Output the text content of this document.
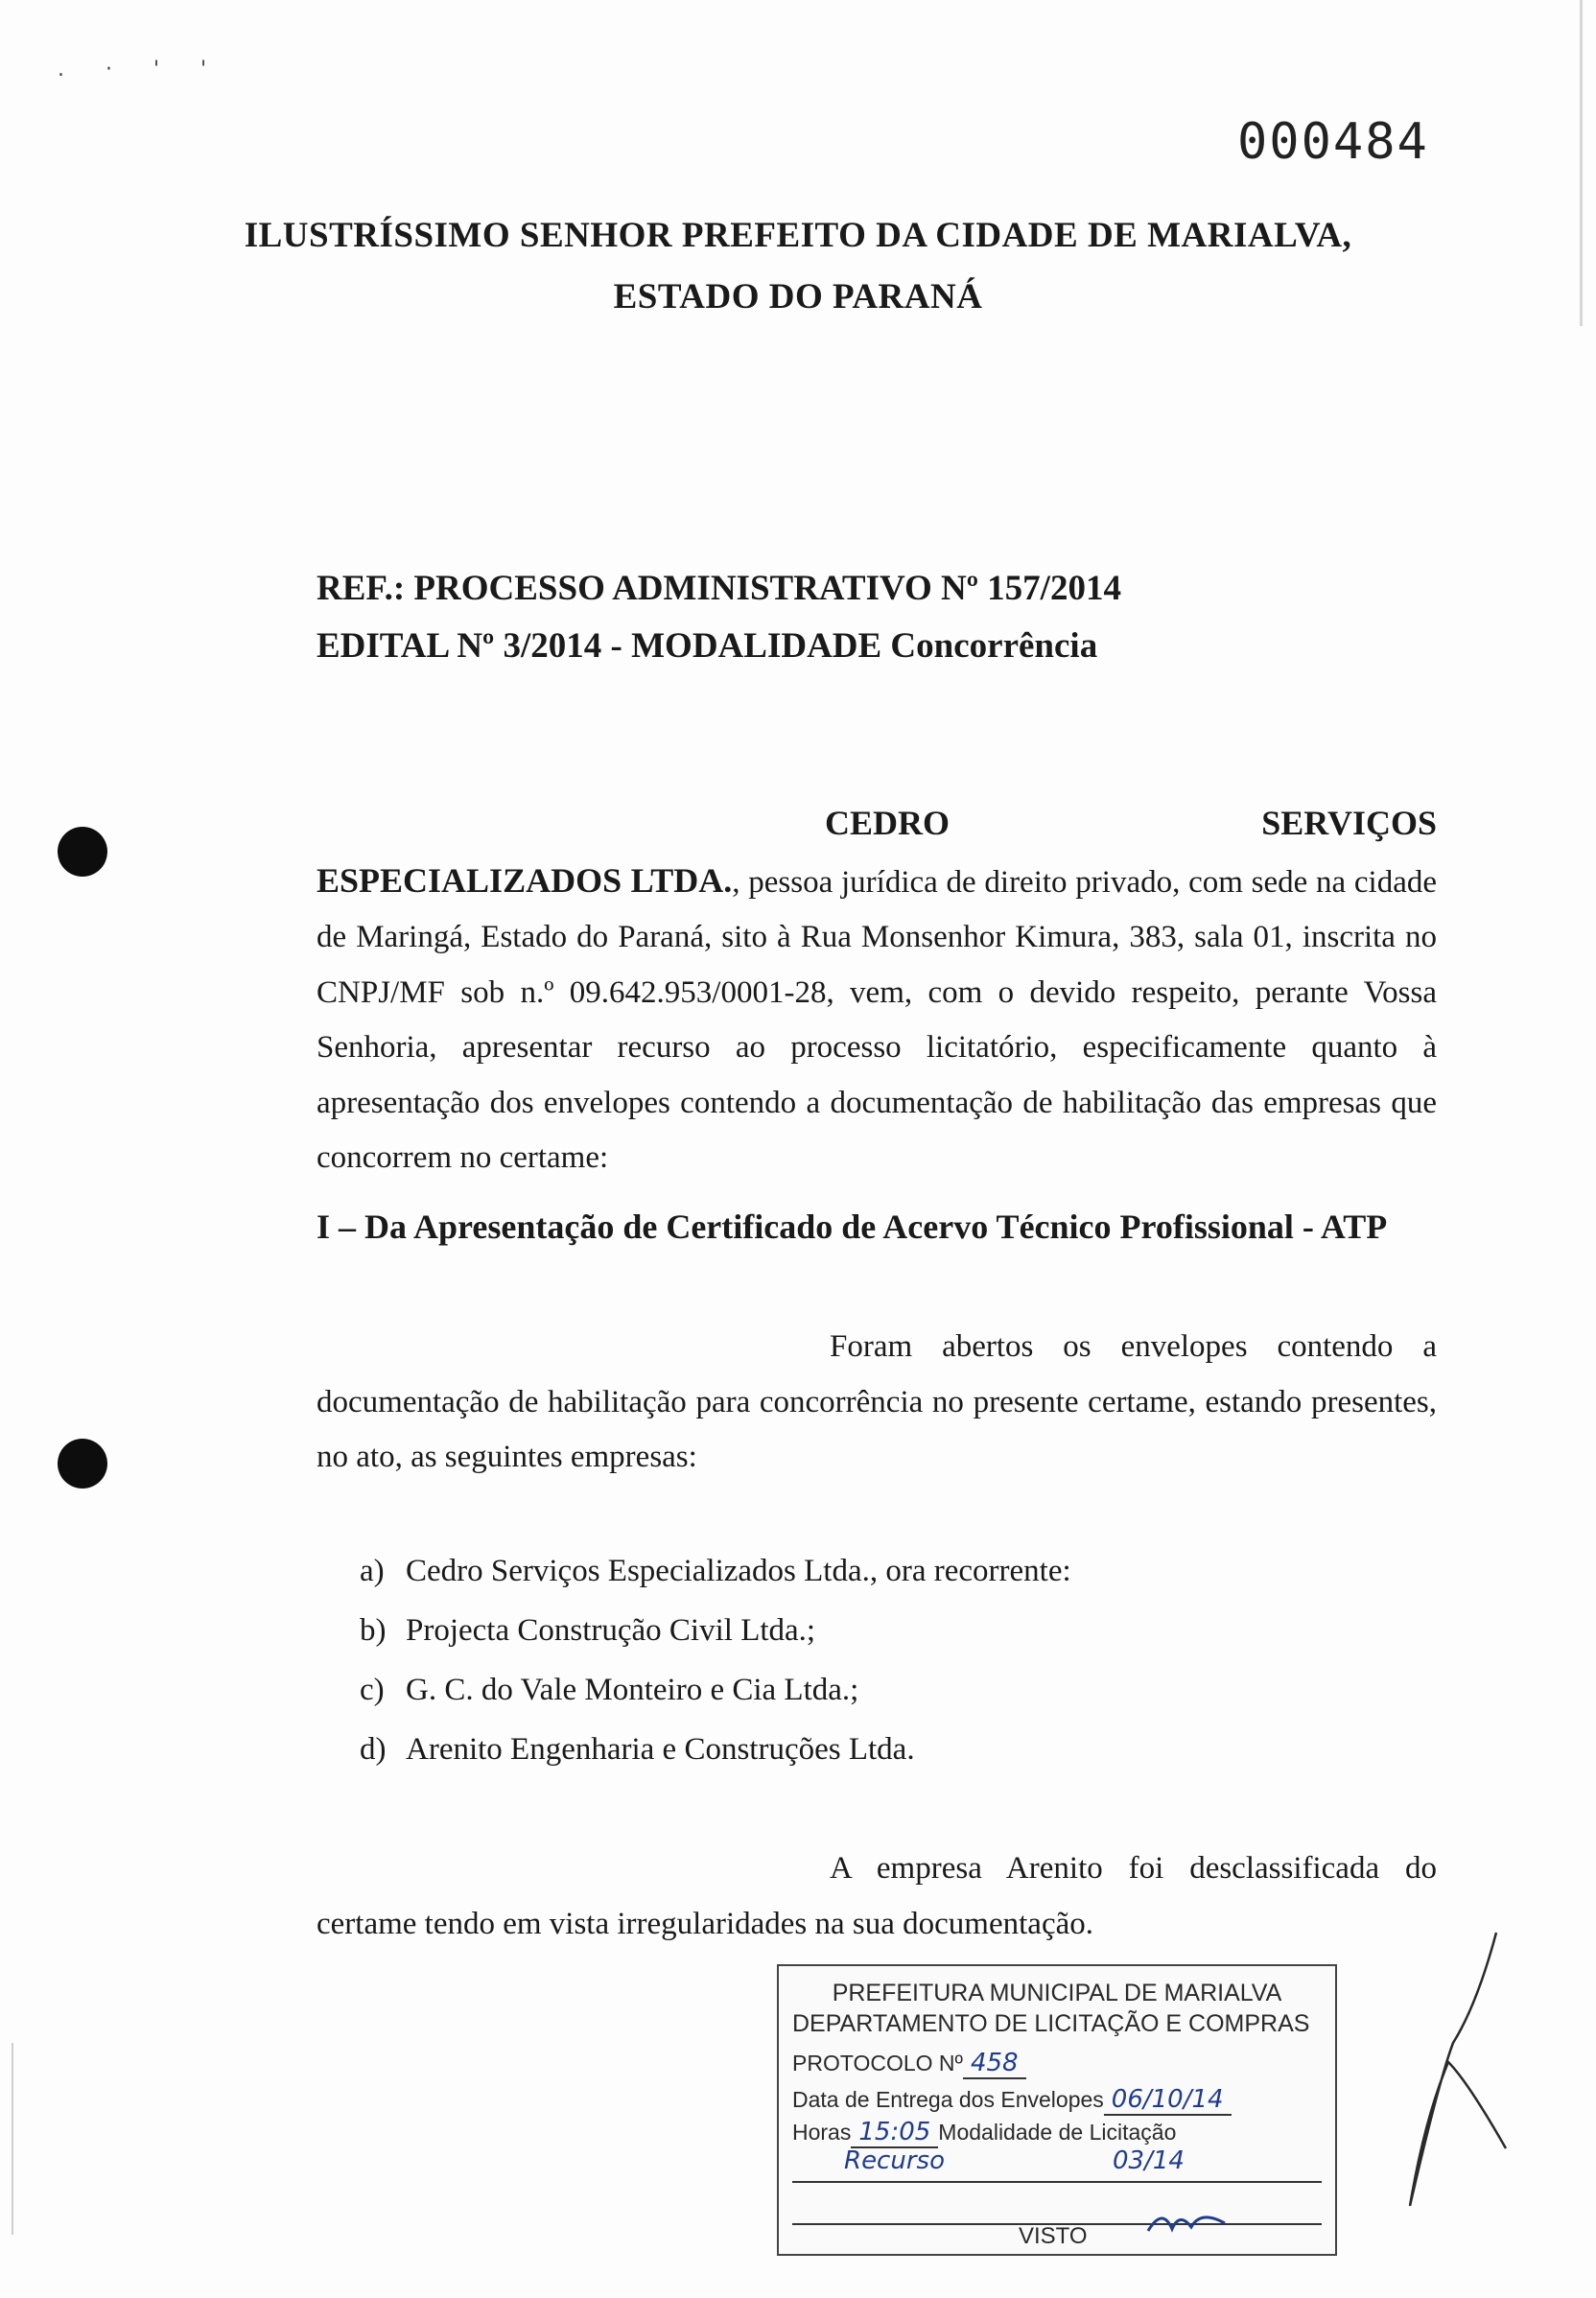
. · ' '
000484
ILUSTRÍSSIMO SENHOR PREFEITO DA CIDADE DE MARIALVA,
ESTADO DO PARANÁ
REF.: PROCESSO ADMINISTRATIVO Nº 157/2014
EDITAL Nº 3/2014 - MODALIDADE Concorrência
CEDRO SERVIÇOS ESPECIALIZADOS LTDA., pessoa jurídica de direito privado, com sede na cidade de Maringá, Estado do Paraná, sito à Rua Monsenhor Kimura, 383, sala 01, inscrita no CNPJ/MF sob n.º 09.642.953/0001-28, vem, com o devido respeito, perante Vossa Senhoria, apresentar recurso ao processo licitatório, especificamente quanto à apresentação dos envelopes contendo a documentação de habilitação das empresas que concorrem no certame:
I – Da Apresentação de Certificado de Acervo Técnico Profissional - ATP
Foram abertos os envelopes contendo a documentação de habilitação para concorrência no presente certame, estando presentes, no ato, as seguintes empresas:
a) Cedro Serviços Especializados Ltda., ora recorrente:
b) Projecta Construção Civil Ltda.;
c) G. C. do Vale Monteiro e Cia Ltda.;
d) Arenito Engenharia e Construções Ltda.
A empresa Arenito foi desclassificada do certame tendo em vista irregularidades na sua documentação.
PREFEITURA MUNICIPAL DE MARIALVA
DEPARTAMENTO DE LICITAÇÃO E COMPRAS
PROTOCOLO Nº 458
Data de Entrega dos Envelopes 06/10/14
Horas 15:05 Modalidade de Licitação
Recurso	03/14
VISTO
